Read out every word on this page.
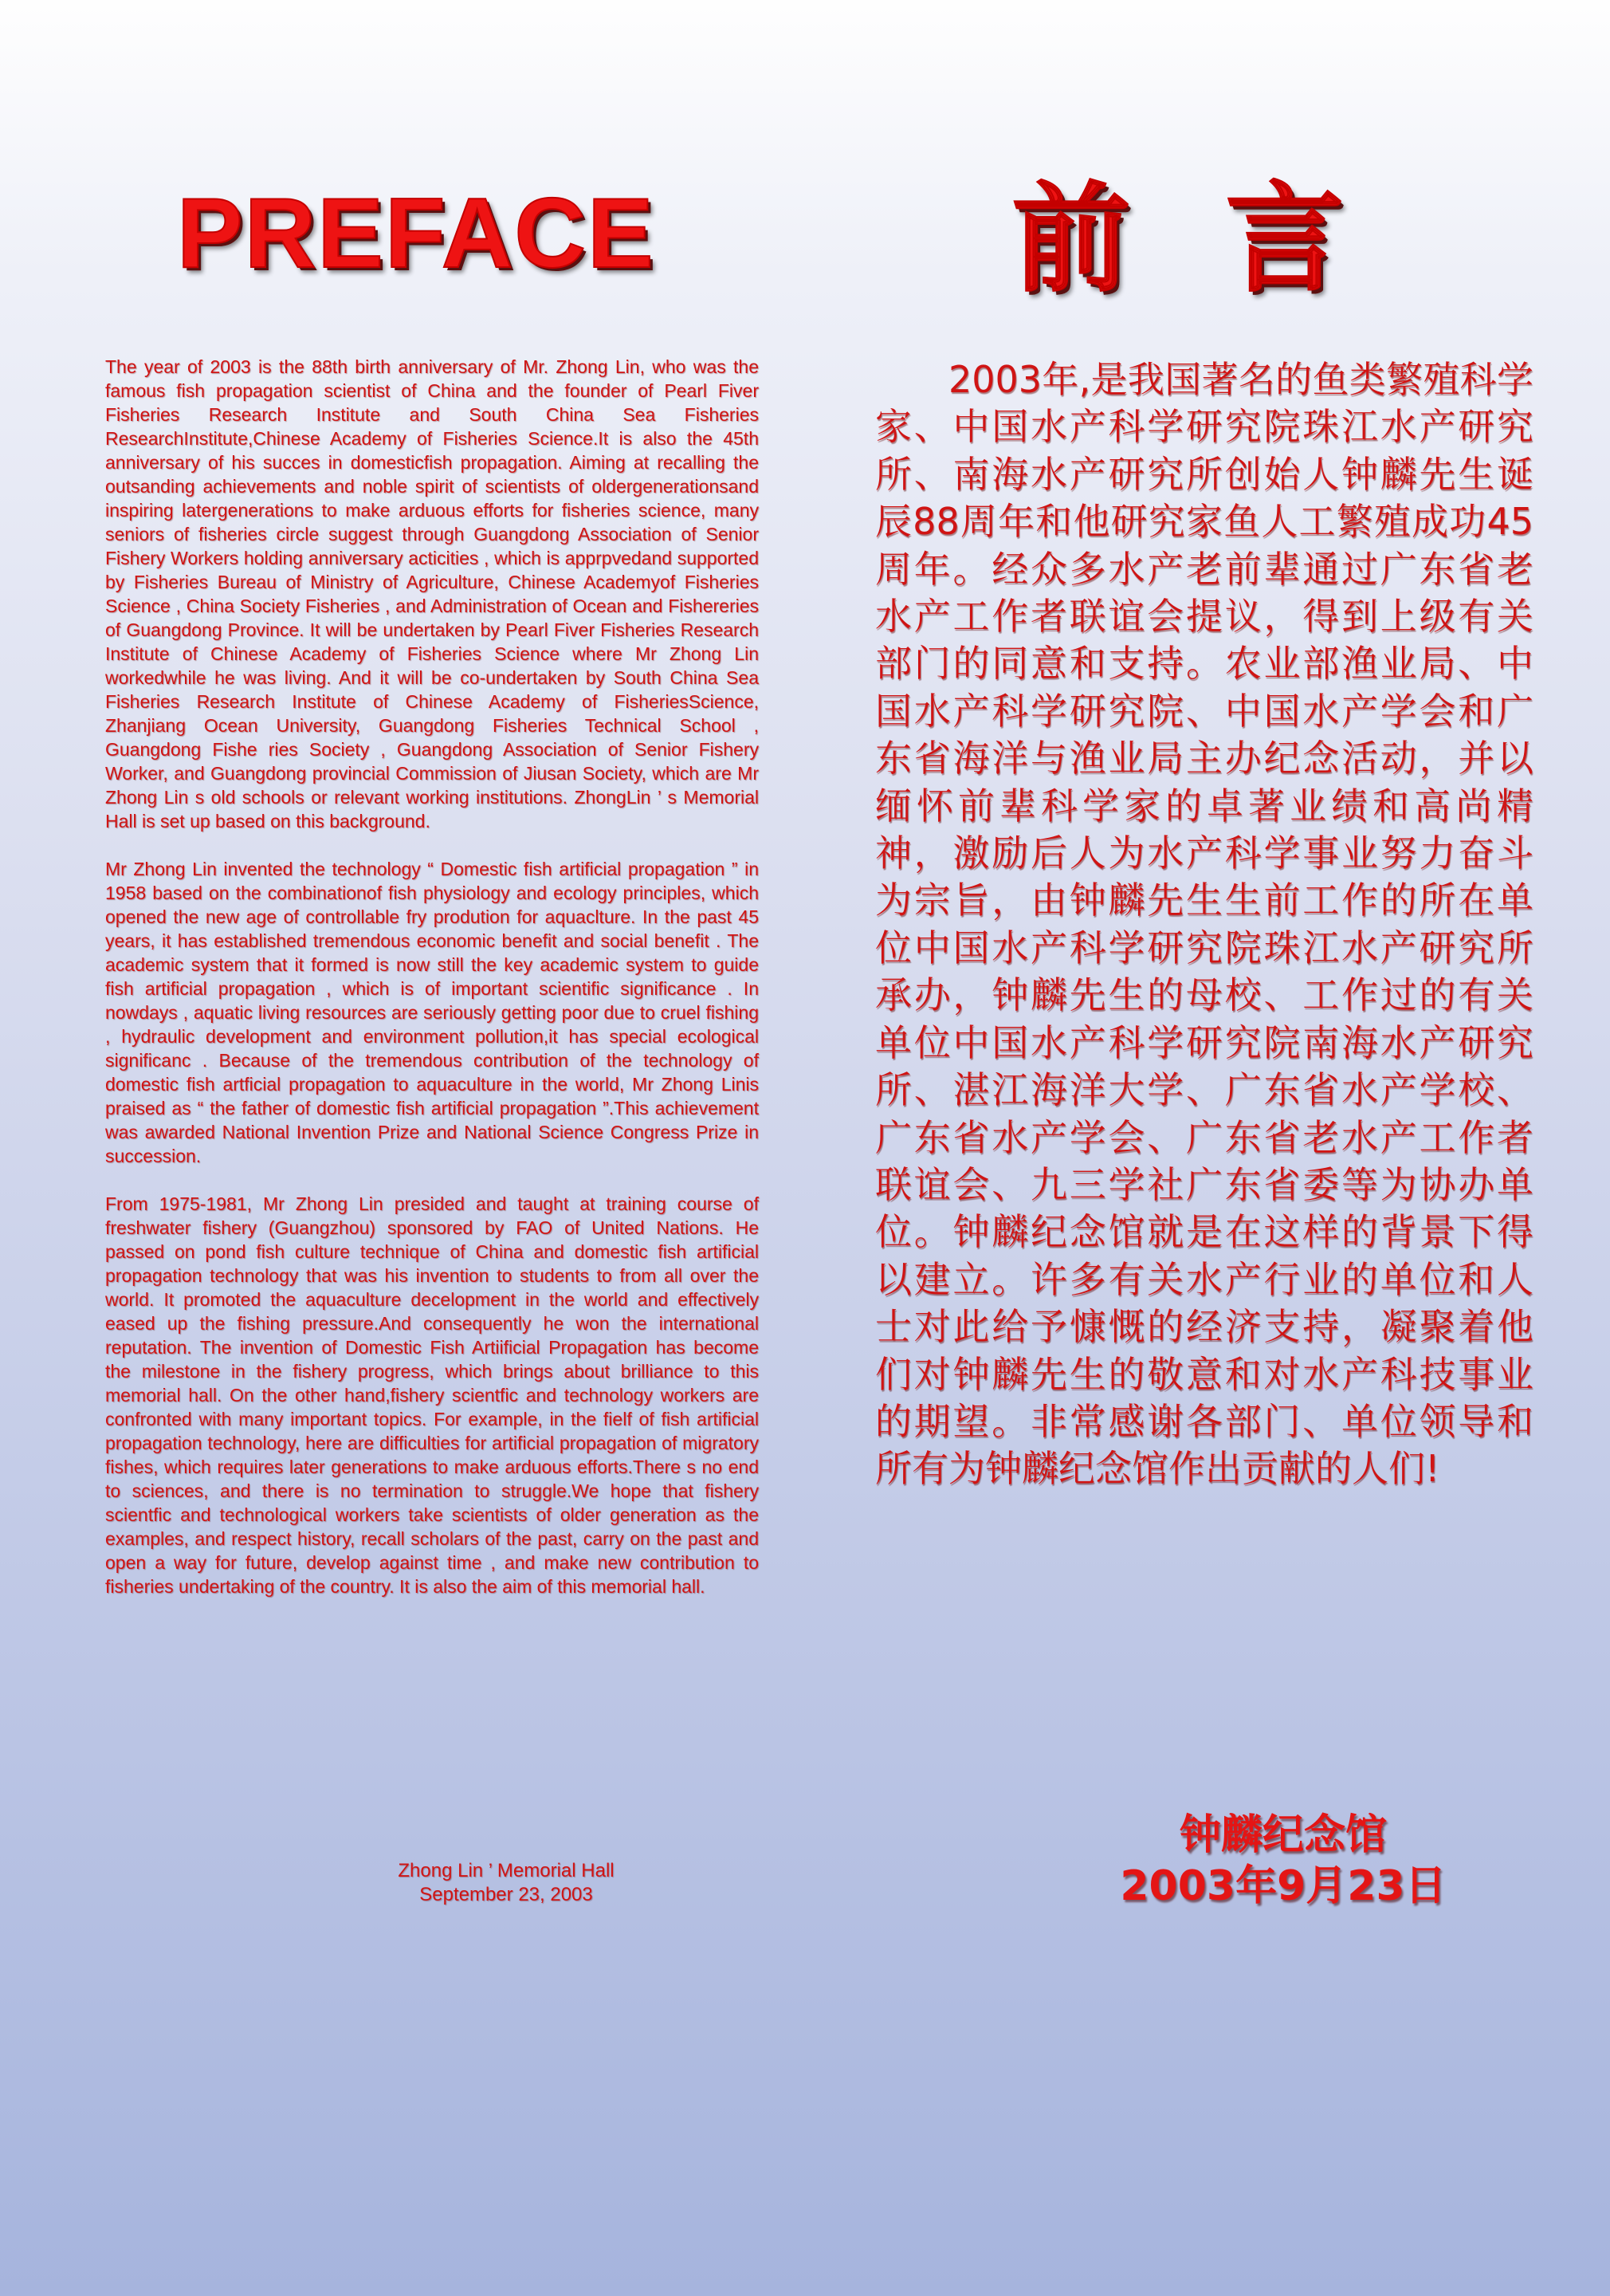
PREFACE	前言

The year of 2003 is the 88th birth anniversary of Mr. Zhong Lin, who was the famous fish propagation scientist of China and the founder of Pearl Fiver Fisheries Research Institute and South China Sea Fisheries ResearchInstitute,Chinese Academy of Fisheries Science.It is also the 45th anniversary of his succes in domesticfish propagation. Aiming at recalling the outsanding achievements and noble spirit of scientists of oldergenerationsand inspiring latergenerations to make arduous efforts for fisheries science, many seniors of fisheries circle suggest through Guangdong Association of Senior Fishery Workers holding anniversary acticities , which is apprpvedand supported by Fisheries Bureau of Ministry of Agriculture, Chinese Academyof Fisheries Science , China Society Fisheries , and Administration of Ocean and Fishereries of Guangdong Province. It will be undertaken by Pearl Fiver Fisheries Research Institute of Chinese Academy of Fisheries Science where Mr Zhong Lin workedwhile he was living. And it will be co-undertaken by South China Sea Fisheries Research Institute of Chinese Academy of FisheriesScience, Zhanjiang Ocean University, Guangdong Fisheries Technical School , Guangdong Fishe ries Society , Guangdong Association of Senior Fishery Worker, and Guangdong provincial Commission of Jiusan Society, which are Mr Zhong Lin s old schools or relevant working institutions. ZhongLin ’ s Memorial Hall is set up based on this background.

Mr Zhong Lin invented the technology “ Domestic fish artificial propagation ” in 1958 based on the combinationof fish physiology and ecology principles, which opened the new age of controllable fry prodution for aquaclture. In the past 45 years, it has established tremendous economic benefit and social benefit . The academic system that it formed is now still the key academic system to guide fish artificial propagation , which is of important scientific significance . In nowdays , aquatic living resources are seriously getting poor due to cruel fishing , hydraulic development and environment pollution,it has special ecological significanc . Because of the tremendous contribution of the technology of domestic fish artficial propagation to aquaculture in the world, Mr Zhong Linis praised as “ the father of domestic fish artificial propagation ”.This achievement was awarded National Invention Prize and National Science Congress Prize in succession.

From 1975-1981, Mr Zhong Lin presided and taught at training course of freshwater fishery (Guangzhou) sponsored by FAO of United Nations. He passed on pond fish culture technique of China and domestic fish artificial propagation technology that was his invention to students to from all over the world. It promoted the aquaculture decelopment in the world and effectively eased up the fishing pressure.And consequently he won the international reputation. The invention of Domestic Fish Artiificial Propagation has become the milestone in the fishery progress, which brings about brilliance to this memorial hall. On the other hand,fishery scientfic and technology workers are confronted with many important topics. For example, in the fielf of fish artificial propagation technology, here are difficulties for artificial propagation of migratory fishes, which requires later generations to make arduous efforts.There s no end to sciences, and there is no termination to struggle.We hope that fishery scientfic and technological workers take scientists of older generation as the examples, and respect history, recall scholars of the past, carry on the past and open a way for future, develop against time , and make new contribution to fisheries undertaking of the country. It is also the aim of this memorial hall.

2003年,是我国著名的鱼类繁殖科学家、中国水产科学研究院珠江水产研究所、南海水产研究所创始人钟麟先生诞辰88周年和他研究家鱼人工繁殖成功45周年。经众多水产老前辈通过广东省老水产工作者联谊会提议，得到上级有关部门的同意和支持。农业部渔业局、中国水产科学研究院、中国水产学会和广东省海洋与渔业局主办纪念活动，并以缅怀前辈科学家的卓著业绩和高尚精神，激励后人为水产科学事业努力奋斗为宗旨，由钟麟先生生前工作的所在单位中国水产科学研究院珠江水产研究所承办，钟麟先生的母校、工作过的有关单位中国水产科学研究院南海水产研究所、湛江海洋大学、广东省水产学校、广东省水产学会、广东省老水产工作者联谊会、九三学社广东省委等为协办单位。钟麟纪念馆就是在这样的背景下得以建立。许多有关水产行业的单位和人士对此给予慷慨的经济支持，凝聚着他们对钟麟先生的敬意和对水产科技事业的期望。非常感谢各部门、单位领导和所有为钟麟纪念馆作出贡献的人们!

Zhong Lin ’ Memorial Hall
September 23, 2003
钟麟纪念馆
2003年9月23日
